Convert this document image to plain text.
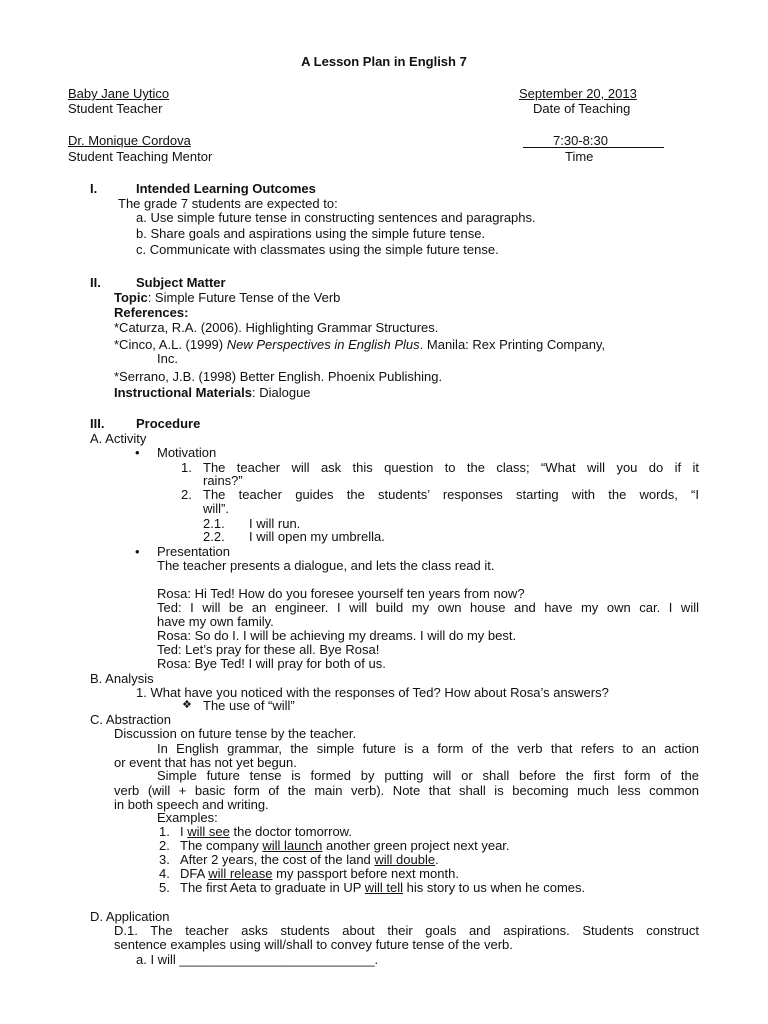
A Lesson Plan in English 7
Baby Jane Uytico
Student Teacher
September 20, 2013
Date of Teaching
Dr. Monique Cordova
Student Teaching Mentor
7:30-8:30
Time
I.	Intended Learning Outcomes
The grade 7 students are expected to:
a. Use simple future tense in constructing sentences and paragraphs.
b. Share goals and aspirations using the simple future tense.
c. Communicate with classmates using the simple future tense.
II.	Subject Matter
Topic: Simple Future Tense of the Verb
References:
*Caturza, R.A. (2006). Highlighting Grammar Structures.
*Cinco, A.L. (1999) New Perspectives in English Plus. Manila: Rex Printing Company,
Inc.
*Serrano, J.B. (1998) Better English. Phoenix Publishing.
Instructional Materials: Dialogue
III. Procedure
A. Activity
• Motivation
1. The teacher will ask this question to the class; “What will you do if it
rains?”
2. The teacher guides the students’ responses starting with the words, “I
will”.
2.1. I will run.
2.2. I will open my umbrella.
• Presentation
The teacher presents a dialogue, and lets the class read it.
Rosa: Hi Ted! How do you foresee yourself ten years from now?
Ted: I will be an engineer. I will build my own house and have my own car. I will
have my own family.
Rosa: So do I. I will be achieving my dreams. I will do my best.
Ted: Let’s pray for these all. Bye Rosa!
Rosa: Bye Ted! I will pray for both of us.
B. Analysis
1. What have you noticed with the responses of Ted? How about Rosa’s answers?
❖ The use of “will”
C. Abstraction
Discussion on future tense by the teacher.
In English grammar, the simple future is a form of the verb that refers to an action
or event that has not yet begun.
Simple future tense is formed by putting will or shall before the first form of the
verb (will + basic form of the main verb). Note that shall is becoming much less common
in both speech and writing.
Examples:
1. I will see the doctor tomorrow.
2. The company will launch another green project next year.
3. After 2 years, the cost of the land will double.
4. DFA will release my passport before next month.
5. The first Aeta to graduate in UP will tell his story to us when he comes.
D. Application
D.1. The teacher asks students about their goals and aspirations. Students construct
sentence examples using will/shall to convey future tense of the verb.
a. I will ___________________________.
